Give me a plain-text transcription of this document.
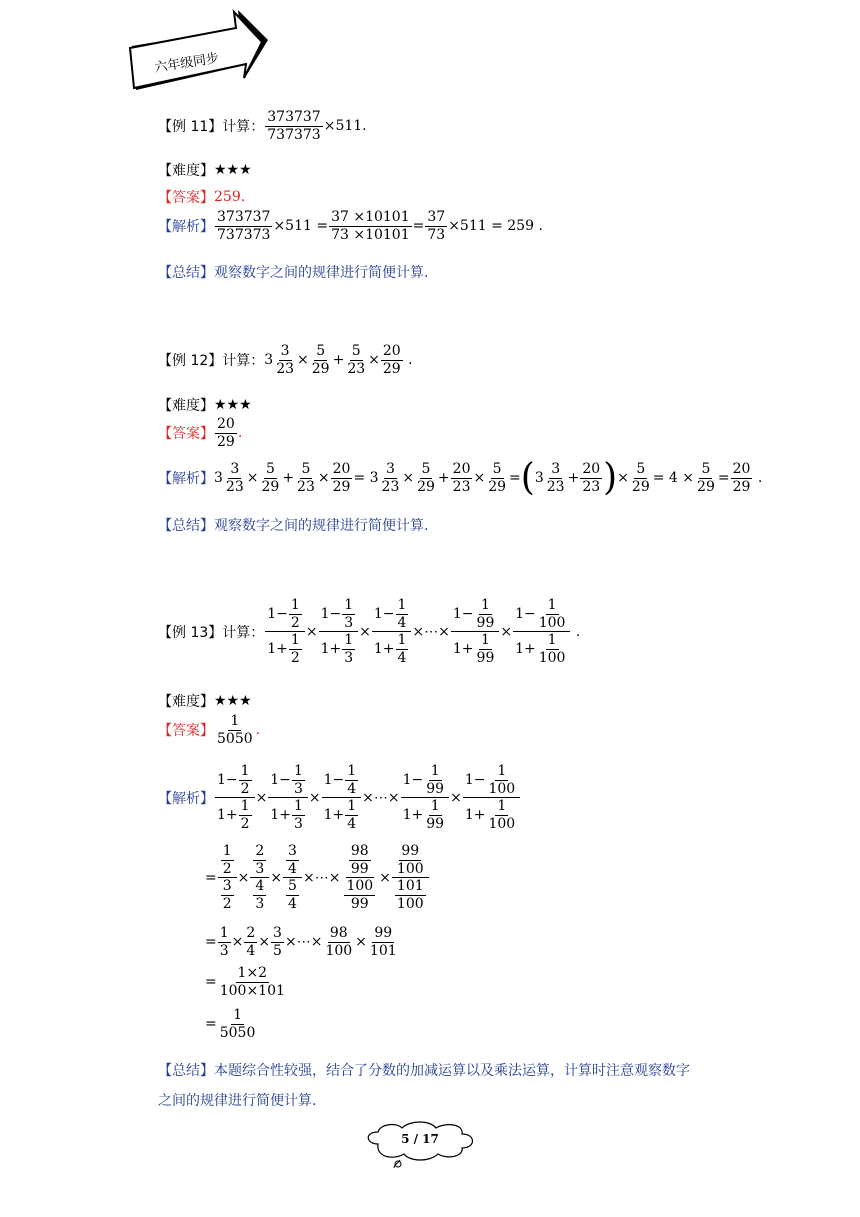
六年级同步
【例 11】 计算： $\frac{373737}{737373} \times 511$ .
【难度】 ★★★
【答案】 259.
【解析】 $\frac{373737}{737373} \times 511 = \frac{37 \times 10101}{73 \times 10101} = \frac{37}{73} \times 511 = 259$
.
【总结】 观察数字之间的规律进行简便计算.
【例 12】 计算： 3
3
23
×
5
29
+
5
23
×
20
29
.
【难度】 ★★★
【答案】
20
29
.
【解析】 3
3
23
×
5
29
+
5
23
×
20
29
= 3
3
23
×
5
29
+
20
23
×
5
29
= ( 3
3
23
+
20
23 ) ×
5
29
= 4 ×
5
29
=
20
29
.
【总结】 观察数字之间的规律进行简便计算.
【例 13】 计算：
$1- \frac{1}{2}$
$1+ \frac{1}{2}$
×
$1- \frac{1}{3}$
$1+ \frac{1}{3}$
×
$1- \frac{1}{4}$
$1+ \frac{1}{4}$
×⋯×
$1- \frac{1}{99}$
$1+ \frac{1}{99}$
×
$1- \frac{1}{100}$
$1+ \frac{1}{100}$
.
【难度】 ★★★
【答案】
1
5050
.
【解析】
$1- \frac{1}{2}$
$1+ \frac{1}{2}$
×
$1- \frac{1}{3}$
$1+ \frac{1}{3}$
×
$1- \frac{1}{4}$
$1+ \frac{1}{4}$
×⋯×
$1- \frac{1}{99}$
$1+ \frac{1}{99}$
×
$1- \frac{1}{100}$
$1+ \frac{1}{100}$
=
$\frac{1}{2}$
$\frac{3}{2}$
×
$\frac{2}{3}$
$\frac{4}{3}$
×
$\frac{3}{4}$
$\frac{5}{4}$
×⋯×
$\frac{98}{99}$
$\frac{100}{99}$
×
$\frac{99}{100}$
$\frac{101}{100}$
=
1
3
×
2
4
×
3
5
×⋯×
98
100
×
99
101
=
1×2
100×101
=
1
5050
【总结】本题综合性较强，结合了分数的加减运算以及乘法运算，计算时注意观察数字
之间的规律进行简便计算.
5 / 17
